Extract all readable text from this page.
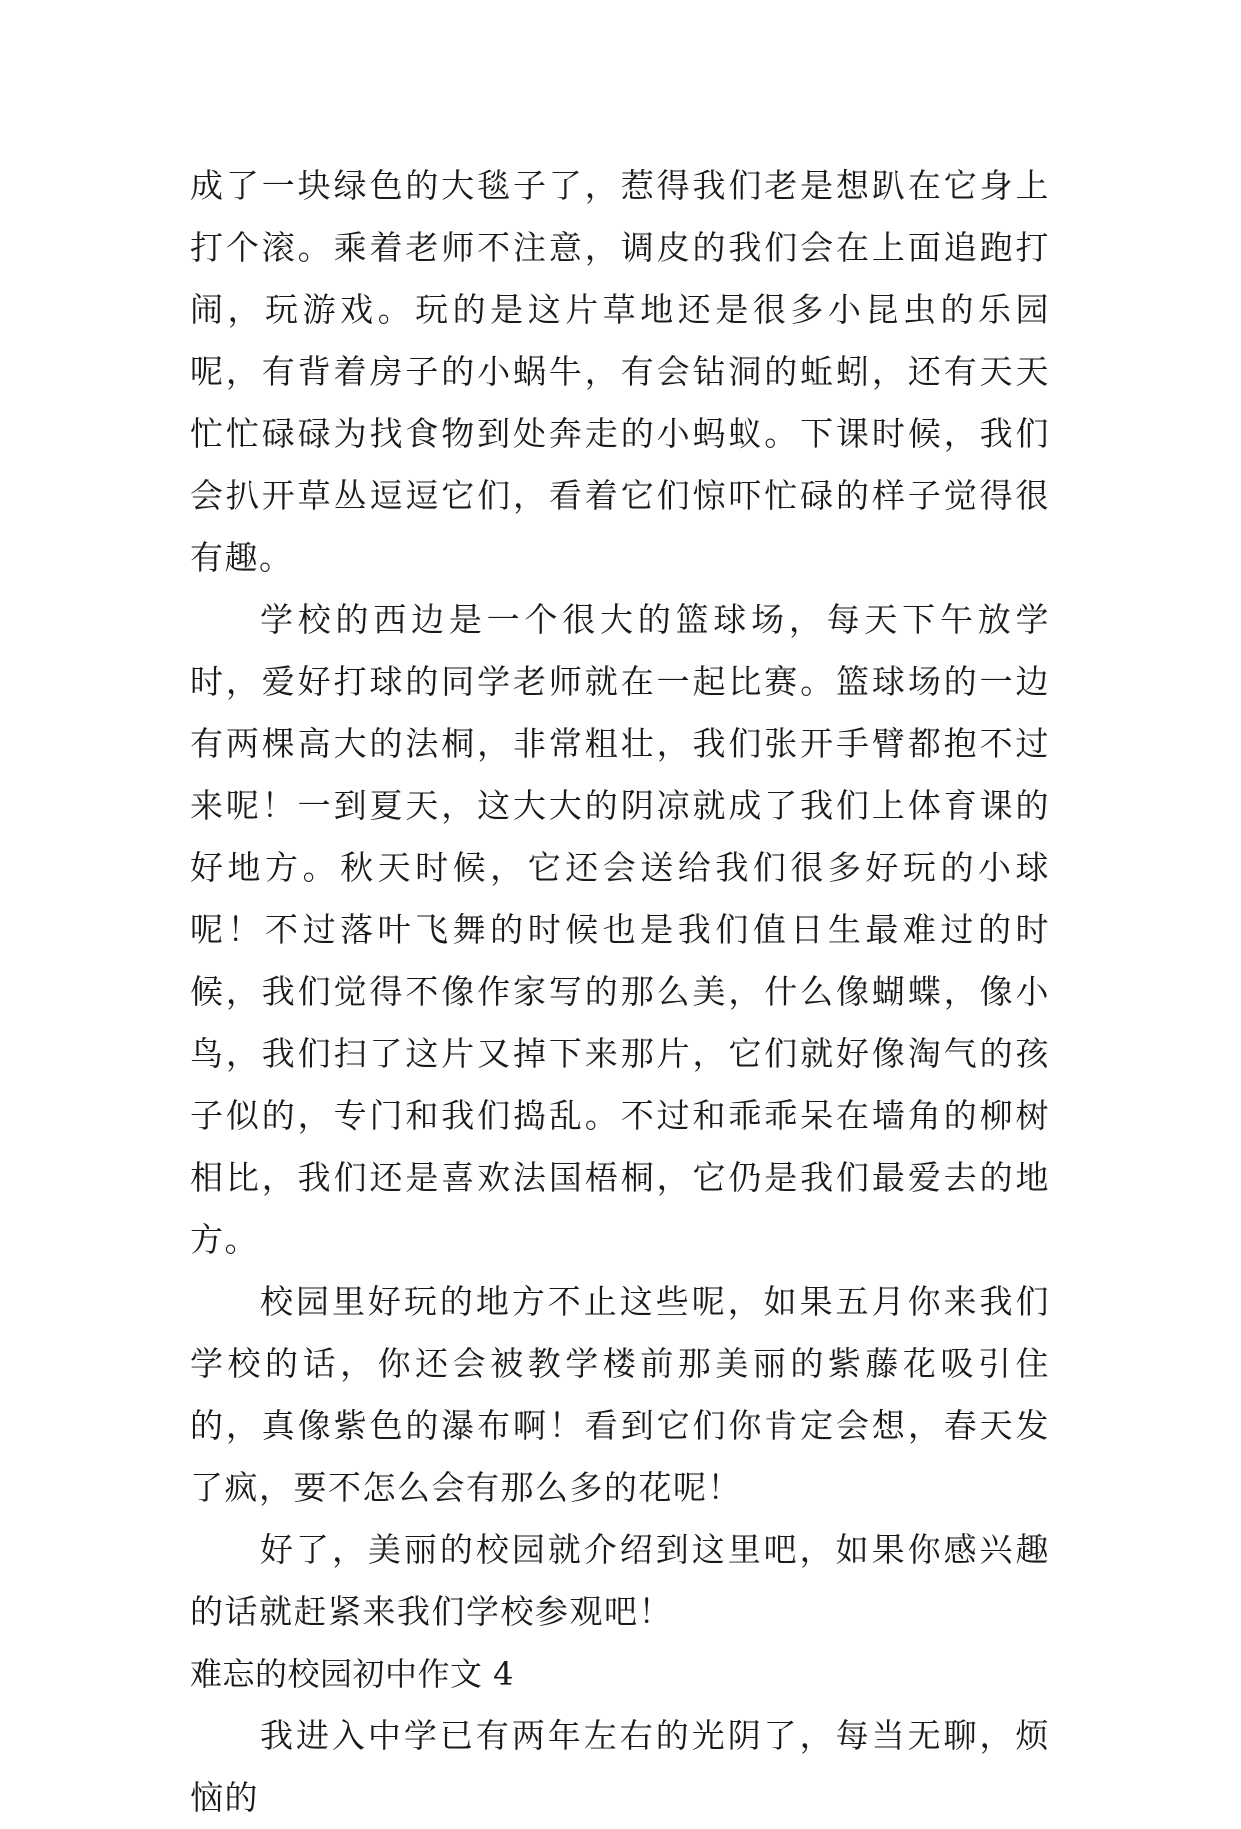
成了一块绿色的大毯子了，惹得我们老是想趴在它身上打个滚。乘着老师不注意，调皮的我们会在上面追跑打闹，玩游戏。玩的是这片草地还是很多小昆虫的乐园呢，有背着房子的小蜗牛，有会钻洞的蚯蚓，还有天天忙忙碌碌为找食物到处奔走的小蚂蚁。下课时候，我们会扒开草丛逗逗它们，看着它们惊吓忙碌的样子觉得很有趣。

学校的西边是一个很大的篮球场，每天下午放学时，爱好打球的同学老师就在一起比赛。篮球场的一边有两棵高大的法桐，非常粗壮，我们张开手臂都抱不过来呢！一到夏天，这大大的阴凉就成了我们上体育课的好地方。秋天时候，它还会送给我们很多好玩的小球呢！不过落叶飞舞的时候也是我们值日生最难过的时候，我们觉得不像作家写的那么美，什么像蝴蝶，像小鸟，我们扫了这片又掉下来那片，它们就好像淘气的孩子似的，专门和我们捣乱。不过和乖乖呆在墙角的柳树相比，我们还是喜欢法国梧桐，它仍是我们最爱去的地方。

校园里好玩的地方不止这些呢，如果五月你来我们学校的话，你还会被教学楼前那美丽的紫藤花吸引住的，真像紫色的瀑布啊！看到它们你肯定会想，春天发了疯，要不怎么会有那么多的花呢！

好了，美丽的校园就介绍到这里吧，如果你感兴趣的话就赶紧来我们学校参观吧！

难忘的校园初中作文 4

我进入中学已有两年左右的光阴了，每当无聊，烦恼的
